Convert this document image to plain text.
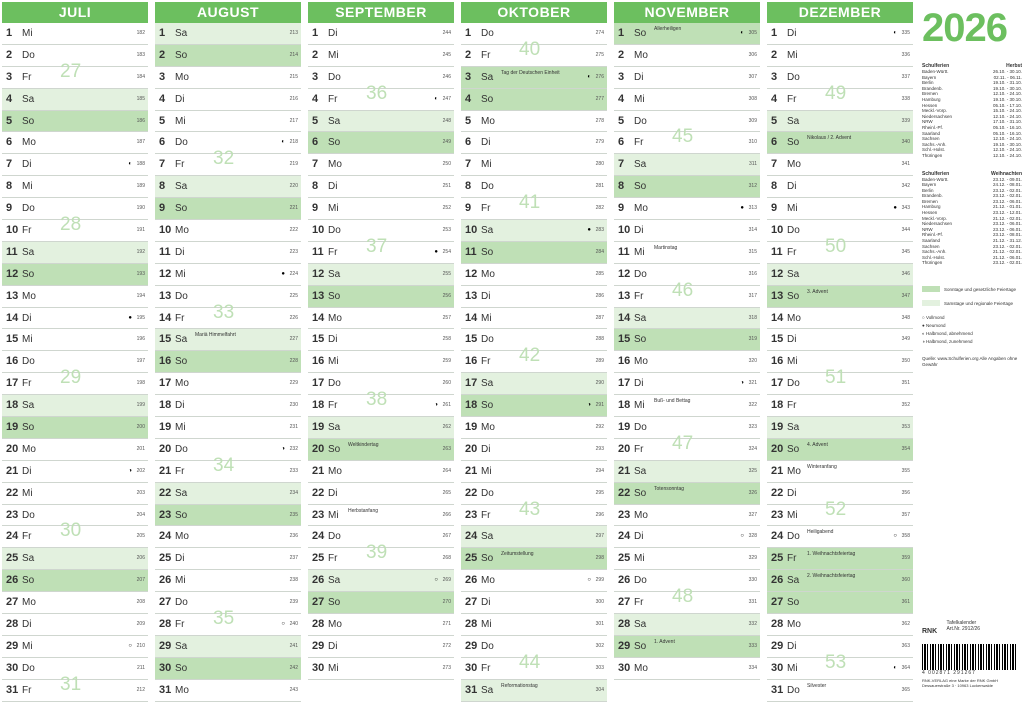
JULI
1 Mi	182
2 Do	183
3 Fr 27	184
4 Sa	185
5 So	186
6 Mo	187
7 Di	◐ 188
8 Mi	189
9 Do	190
10 Fr 28	191
11 Sa	192
12 So	193
13 Mo	194
14 Di	● 195
15 Mi	196
16 Do	197
17 Fr 29	198
18 Sa	199
19 So	200
20 Mo	201
21 Di	◑ 202
22 Mi	203
23 Do	204
24 Fr 30	205
25 Sa	206
26 So	207
27 Mo	208
28 Di	209
29 Mi	○ 210
30 Do	211
31 Fr 31	212
AUGUST
1 Sa	213
2 So	214
3 Mo	215
4 Di	216
5 Mi	217
6 Do	◐ 218
7 Fr 32	219
8 Sa	220
9 So	221
10 Mo	222
11 Di	223
12 Mi	● 224
13 Do	225
14 Fr 33	226
15 Sa Mariä Himmelfahrt
227
16 So	228
17 Mo	229
18 Di	230
19 Mi	231
20 Do	◑ 232
21 Fr 34	233
22 Sa	234
23 So	235
24 Mo	236
25 Di	237
26 Mi	238
27 Do	239
28 Fr 35	○ 240
29 Sa	241
30 So	242
31 Mo	243
SEPTEMBER
1 Di	244
2 Mi	245
3 Do	246
4 Fr 36	◐ 247
5 Sa	248
6 So	249
7 Mo	250
8 Di	251
9 Mi	252
10 Do	253
11 Fr 37	● 254
12 Sa	255
13 So	256
14 Mo	257
15 Di	258
16 Mi	259
17 Do	260
18 Fr 38	◑ 261
19 Sa	262
20 So Weltkindertag
263
21 Mo	264
22 Di	265
23 Mi Herbstanfang
266
24 Do	267
25 Fr 39	268
26 Sa	○ 269
27 So	270
28 Mo	271
29 Di	272
30 Mi	273
OKTOBER
1 Do	274
2 Fr 40	275
3 Sa Tag der Deutschen Einheit
◐ 276
4 So	277
5 Mo	278
6 Di	279
7 Mi	280
8 Do	281
9 Fr 41	282
10 Sa	● 283
11 So	284
12 Mo	285
13 Di	286
14 Mi	287
15 Do	288
16 Fr 42	289
17 Sa	290
18 So	◑ 291
19 Mo	292
20 Di	293
21 Mi	294
22 Do	295
23 Fr 43	296
24 Sa	297
25 So Zeitumstellung
298
26 Mo	○ 299
27 Di	300
28 Mi	301
29 Do	302
30 Fr 44	303
31 Sa Reformationstag
304
NOVEMBER
1 So Allerheiligen
◐ 305
2 Mo	306
3 Di	307
4 Mi	308
5 Do	309
6 Fr 45	310
7 Sa	311
8 So	312
9 Mo	● 313
10 Di	314
11 Mi Martinstag
315
12 Do	316
13 Fr 46	317
14 Sa	318
15 So	319
16 Mo	320
17 Di	◑ 321
18 Mi Buß- und Bettag
322
19 Do	323
20 Fr 47	324
21 Sa	325
22 So Totensonntag
326
23 Mo	327
24 Di	○ 328
25 Mi	329
26 Do	330
27 Fr 48	331
28 Sa	332
29 So 1. Advent
333
30 Mo	334
DEZEMBER
1 Di	◐ 335
2 Mi	336
3 Do	337
4 Fr 49	338
5 Sa	339
6 So Nikolaus / 2. Advent
340
7 Mo	341
8 Di	342
9 Mi	● 343
10 Do	344
11 Fr 50	345
12 Sa	346
13 So 3. Advent
347
14 Mo	348
15 Di	349
16 Mi	350
17 Do 51	351
18 Fr	352
19 Sa	353
20 So 4. Advent
354
21 Mo Winteranfang
355
22 Di	356
23 Mi 52	357
24 Do Heiligabend
○ 358
25 Fr 1. Weihnachtsfeiertag
359
26 Sa 2. Weihnachtsfeiertag
360
27 So	361
28 Mo	362
29 Di	363
30 Mi 53	◐ 364
31 Do Silvester
365
2026
Schulferien	Herbst
Baden-Württ.	26.10. - 30.10.
Bayern	02.11. - 06.11.
Berlin	19.10. - 31.10.
Brandenb.	19.10. - 30.10.
Bremen	12.10. - 24.10.
Hamburg	19.10. - 30.10.
Hessen	05.10. - 17.10.
Meckl.-Vorp.	15.10. - 24.10.
Niedersachsen	12.10. - 24.10.
NRW	17.10. - 31.10.
Rheinl.-Pf.	05.10. - 16.10.
Saarland	05.10. - 16.10.
Sachsen	12.10. - 24.10.
Sachs.-Anh.	19.10. - 30.10.
Schl.-Holst.	12.10. - 24.10.
Thüringen	12.10. - 24.10.
Schulferien	Weihnachten
Baden-Württ.	23.12. - 09.01.
Bayern	24.12. - 08.01.
Berlin	23.12. - 02.01.
Brandenb.	23.12. - 02.01.
Bremen	23.12. - 06.01.
Hamburg	21.12. - 01.01.
Hessen	23.12. - 12.01.
Meckl.-Vorp.	21.12. - 02.01.
Niedersachsen	23.12. - 06.01.
NRW	23.12. - 06.01.
Rheinl.-Pf.	23.12. - 08.01.
Saarland	21.12. - 31.12.
Sachsen	23.12. - 02.01.
Sachs.-Anh.	21.12. - 02.01.
Schl.-Holst.	21.12. - 06.01.
Thüringen	23.12. - 02.01.
Sonntage und gesetzliche Feiertage
Samstage und regionale Feiertage
○ Vollmond
● Neumond
◐ Halbmond, abnehmend
◑ Halbmond, zunehmend
Quelle: www.Schulferien.org Alle Angaben ohne Gewähr
RNK Tafelkalender
Art.Nr. 2912/26
4 002871 291267
RNK-VERLAG eine Marke der RNK GmbH Dessauerstraße 3 · 10963 Luckenwalde
